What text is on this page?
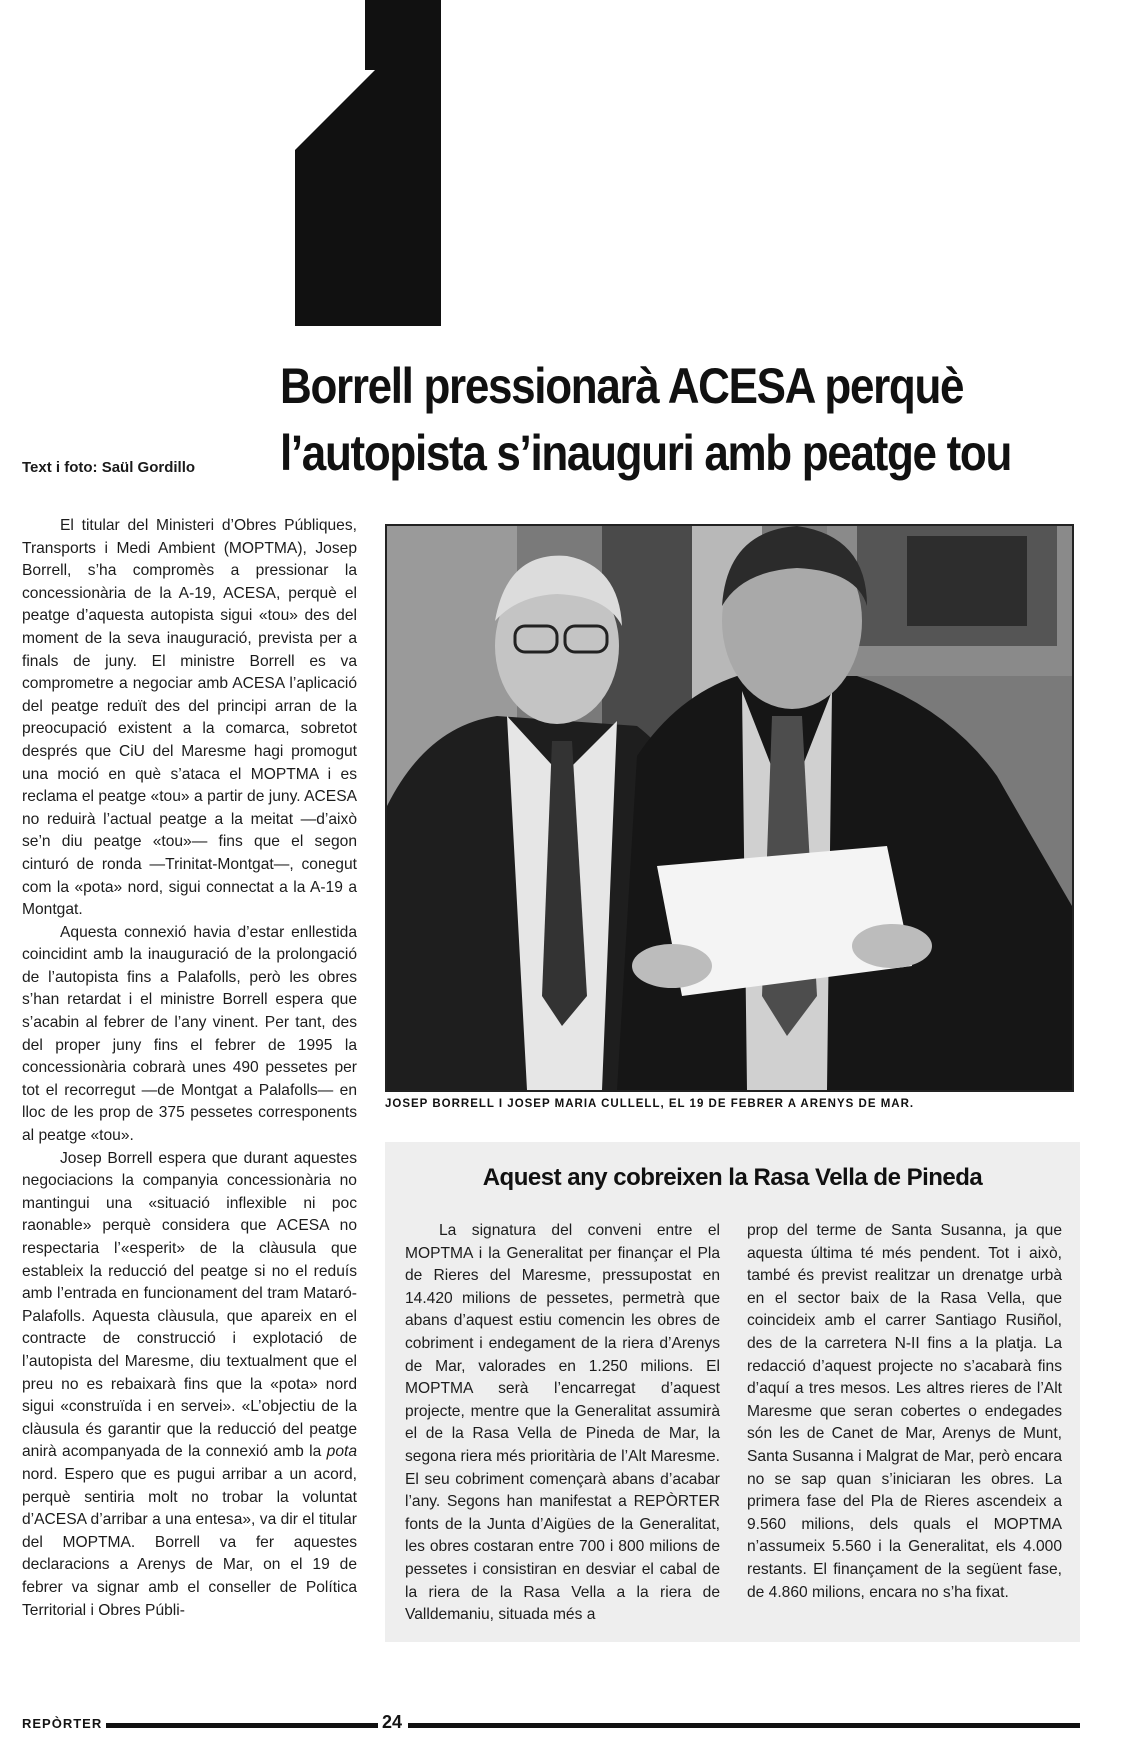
Borrell pressionarà ACESA perquè
l’autopista s’inauguri amb peatge tou
Text i foto: Saül Gordillo

El titular del Ministeri d’Obres Públiques, Transports i Medi Ambient (MOPTMA), Josep Borrell, s’ha compromès a pressionar la concessionària de la A-19, ACESA, perquè el peatge d’aquesta autopista sigui «tou» des del moment de la seva inauguració, prevista per a finals de juny. El ministre Borrell es va comprometre a negociar amb ACESA l’aplicació del peatge reduït des del principi arran de la preocupació existent a la comarca, sobretot després que CiU del Maresme hagi promogut una moció en què s’ataca el MOPTMA i es reclama el peatge «tou» a partir de juny. ACESA no reduirà l’actual peatge a la meitat —d’això se’n diu peatge «tou»— fins que el segon cinturó de ronda —Trinitat-Montgat—, conegut com la «pota» nord, sigui connectat a la A-19 a Montgat.

Aquesta connexió havia d’estar enllestida coincidint amb la inauguració de la prolongació de l’autopista fins a Palafolls, però les obres s’han retardat i el ministre Borrell espera que s’acabin al febrer de l’any vinent. Per tant, des del proper juny fins el febrer de 1995 la concessionària cobrarà unes 490 pessetes per tot el recorregut —de Montgat a Palafolls— en lloc de les prop de 375 pessetes corresponents al peatge «tou».

Josep Borrell espera que durant aquestes negociacions la companyia concessionària no mantingui una «situació inflexible ni poc raonable» perquè considera que ACESA no respectaria l’«esperit» de la clàusula que estableix la reducció del peatge si no el reduís amb l’entrada en funcionament del tram Mataró-Palafolls. Aquesta clàusula, que apareix en el contracte de construcció i explotació de l’autopista del Maresme, diu textualment que el preu no es rebaixarà fins que la «pota» nord sigui «construïda i en servei». «L’objectiu de la clàusula és garantir que la reducció del peatge anirà acompanyada de la connexió amb la pota nord. Espero que es pugui arribar a un acord, perquè sentiria molt no trobar la voluntat d’ACESA d’arribar a una entesa», va dir el titular del MOPTMA. Borrell va fer aquestes declaracions a Arenys de Mar, on el 19 de febrer va signar amb el conseller de Política Territorial i Obres Públi-

JOSEP BORRELL I JOSEP MARIA CULLELL, EL 19 DE FEBRER A ARENYS DE MAR.
Aquest any cobreixen la Rasa Vella de Pineda
La signatura del conveni entre el MOPTMA i la Generalitat per finançar el Pla de Rieres del Maresme, pressupostat en 14.420 milions de pessetes, permetrà que abans d’aquest estiu comencin les obres de cobriment i endegament de la riera d’Arenys de Mar, valorades en 1.250 milions. El MOPTMA serà l’encarregat d’aquest projecte, mentre que la Generalitat assumirà el de la Rasa Vella de Pineda de Mar, la segona riera més prioritària de l’Alt Maresme. El seu cobriment començarà abans d’acabar l’any. Segons han manifestat a REPÒRTER fonts de la Junta d’Aigües de la Generalitat, les obres costaran entre 700 i 800 milions de pessetes i consistiran en desviar el cabal de la riera de la Rasa Vella a la riera de Valldemaniu, situada més a
prop del terme de Santa Susanna, ja que aquesta última té més pendent. Tot i això, també és previst realitzar un drenatge urbà en el sector baix de la Rasa Vella, que coincideix amb el carrer Santiago Rusiñol, des de la carretera N-II fins a la platja. La redacció d’aquest projecte no s’acabarà fins d’aquí a tres mesos. Les altres rieres de l’Alt Maresme que seran cobertes o endegades són les de Canet de Mar, Arenys de Munt, Santa Susanna i Malgrat de Mar, però encara no se sap quan s’iniciaran les obres. La primera fase del Pla de Rieres ascendeix a 9.560 milions, dels quals el MOPTMA n’assumeix 5.560 i la Generalitat, els 4.000 restants. El finançament de la següent fase, de 4.860 milions, encara no s’ha fixat.
REPÒRTER	24
